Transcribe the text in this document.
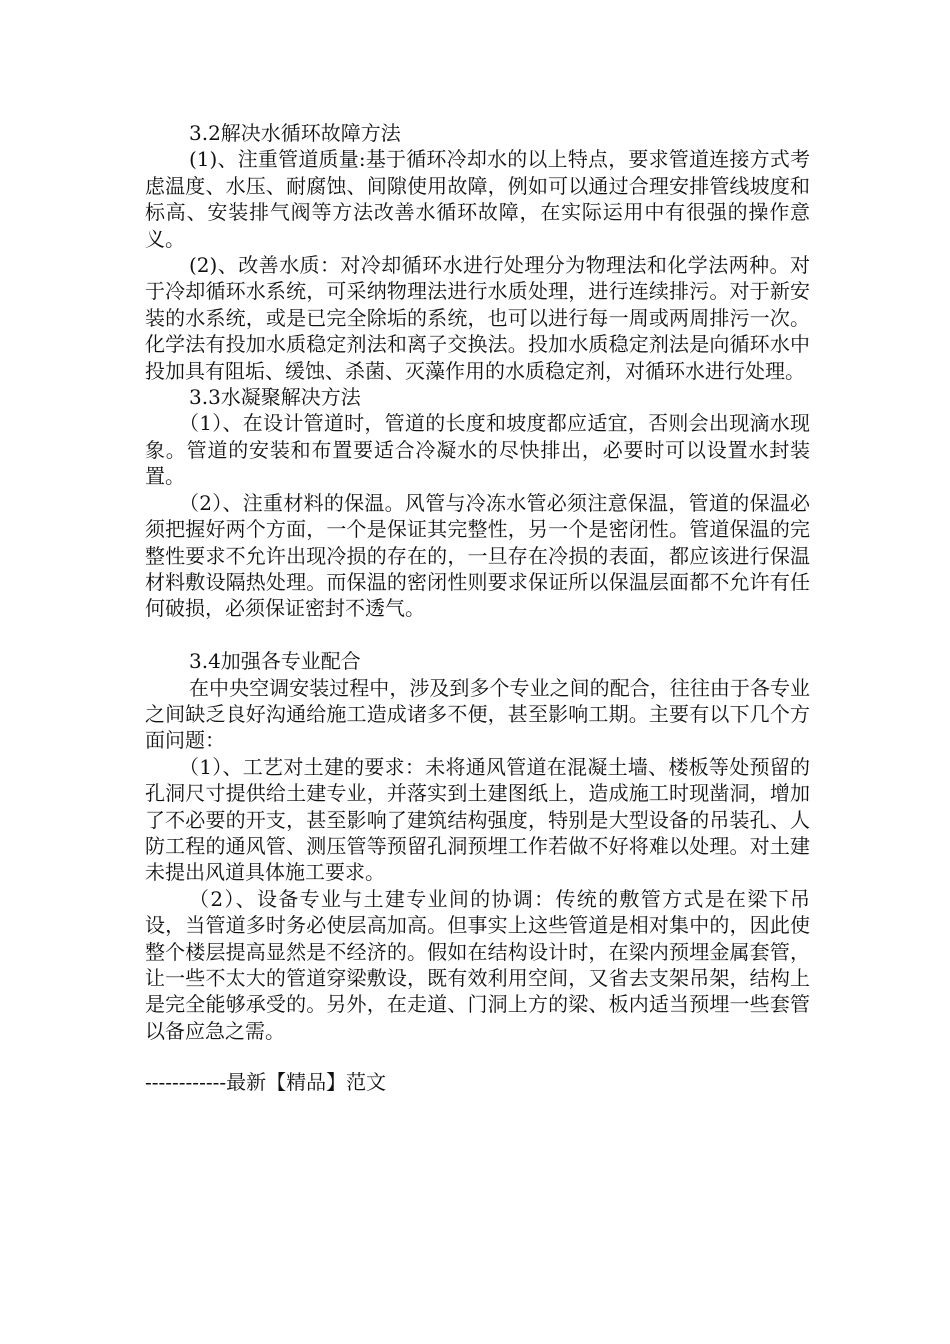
3.2解决水循环故障方法

(1)、注重管道质量:基于循环冷却水的以上特点，要求管道连接方式考虑温度、水压、耐腐蚀、间隙使用故障，例如可以通过合理安排管线坡度和标高、安装排气阀等方法改善水循环故障，在实际运用中有很强的操作意义。

(2)、改善水质：对冷却循环水进行处理分为物理法和化学法两种。对于冷却循环水系统，可采纳物理法进行水质处理，进行连续排污。对于新安装的水系统，或是已完全除垢的系统，也可以进行每一周或两周排污一次。化学法有投加水质稳定剂法和离子交换法。投加水质稳定剂法是向循环水中投加具有阻垢、缓蚀、杀菌、灭藻作用的水质稳定剂，对循环水进行处理。

3.3水凝聚解决方法

（1）、在设计管道时，管道的长度和坡度都应适宜，否则会出现滴水现象。管道的安装和布置要适合冷凝水的尽快排出，必要时可以设置水封装置。

（2）、注重材料的保温。风管与冷冻水管必须注意保温，管道的保温必须把握好两个方面，一个是保证其完整性，另一个是密闭性。管道保温的完整性要求不允许出现冷损的存在的，一旦存在冷损的表面，都应该进行保温材料敷设隔热处理。而保温的密闭性则要求保证所以保温层面都不允许有任何破损，必须保证密封不透气。

3.4加强各专业配合

在中央空调安装过程中，涉及到多个专业之间的配合，往往由于各专业之间缺乏良好沟通给施工造成诸多不便，甚至影响工期。主要有以下几个方面问题：

（1）、工艺对土建的要求：未将通风管道在混凝土墙、楼板等处预留的孔洞尺寸提供给土建专业，并落实到土建图纸上，造成施工时现凿洞，增加了不必要的开支，甚至影响了建筑结构强度，特别是大型设备的吊装孔、人防工程的通风管、测压管等预留孔洞预埋工作若做不好将难以处理。对土建未提出风道具体施工要求。

（2）、设备专业与土建专业间的协调：传统的敷管方式是在梁下吊设，当管道多时务必使层高加高。但事实上这些管道是相对集中的，因此使整个楼层提高显然是不经济的。假如在结构设计时，在梁内预埋金属套管，让一些不太大的管道穿梁敷设，既有效利用空间，又省去支架吊架，结构上是完全能够承受的。另外，在走道、门洞上方的梁、板内适当预埋一些套管以备应急之需。

------------最新【精品】范文
